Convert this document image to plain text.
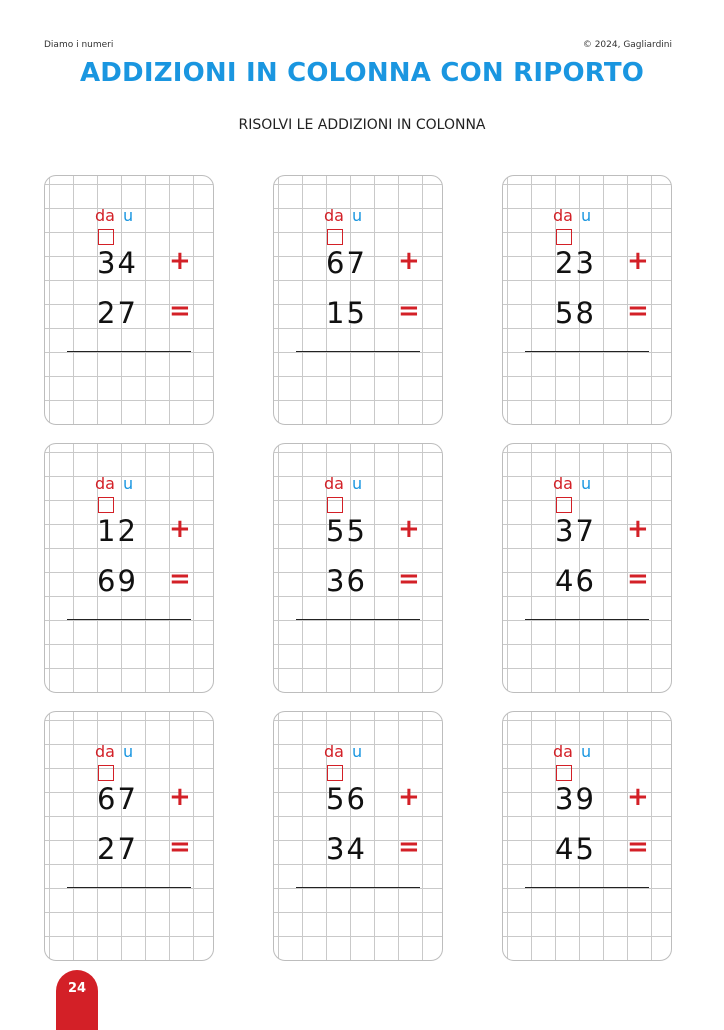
Diamo i numeri	© 2024, Gagliardini
ADDIZIONI IN COLONNA CON RIPORTO
RISOLVI LE ADDIZIONI IN COLONNA
da u
34 +
27 =
da u
67 +
15 =
da u
23 +
58 =
da u
12 +
69 =
da u
55 +
36 =
da u
37 +
46 =
da u
67 +
27 =
da u
56 +
34 =
da u
39 +
45 =
24
